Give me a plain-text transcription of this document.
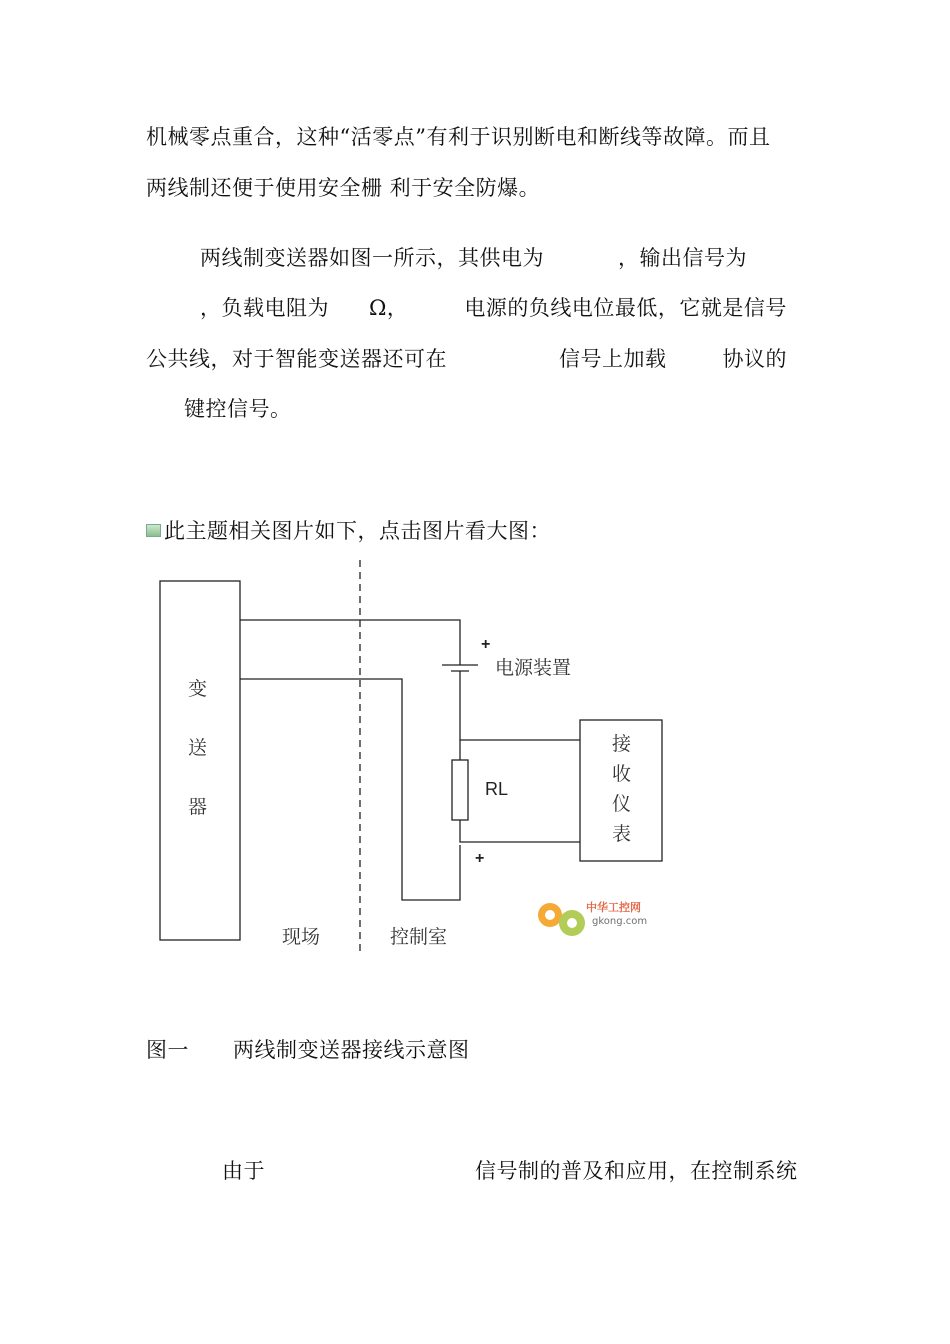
机械零点重合，这种“活零点”有利于识别断电和断线等故障。而且
两线制还便于使用安全栅 利于安全防爆。
两线制变送器如图一所示，其供电为	，输出信号为
，负载电阻为 Ω，	电源的负线电位最低，它就是信号
公共线，对于智能变送器还可在	信号上加载	协议的
键控信号。
此主题相关图片如下，点击图片看大图：
变
送
器
电源装置
接
收
仪
表
现场	控制室
+
+
RL
中华工控网
gkong.com
图一 两线制变送器接线示意图
由于	信号制的普及和应用，在控制系统
